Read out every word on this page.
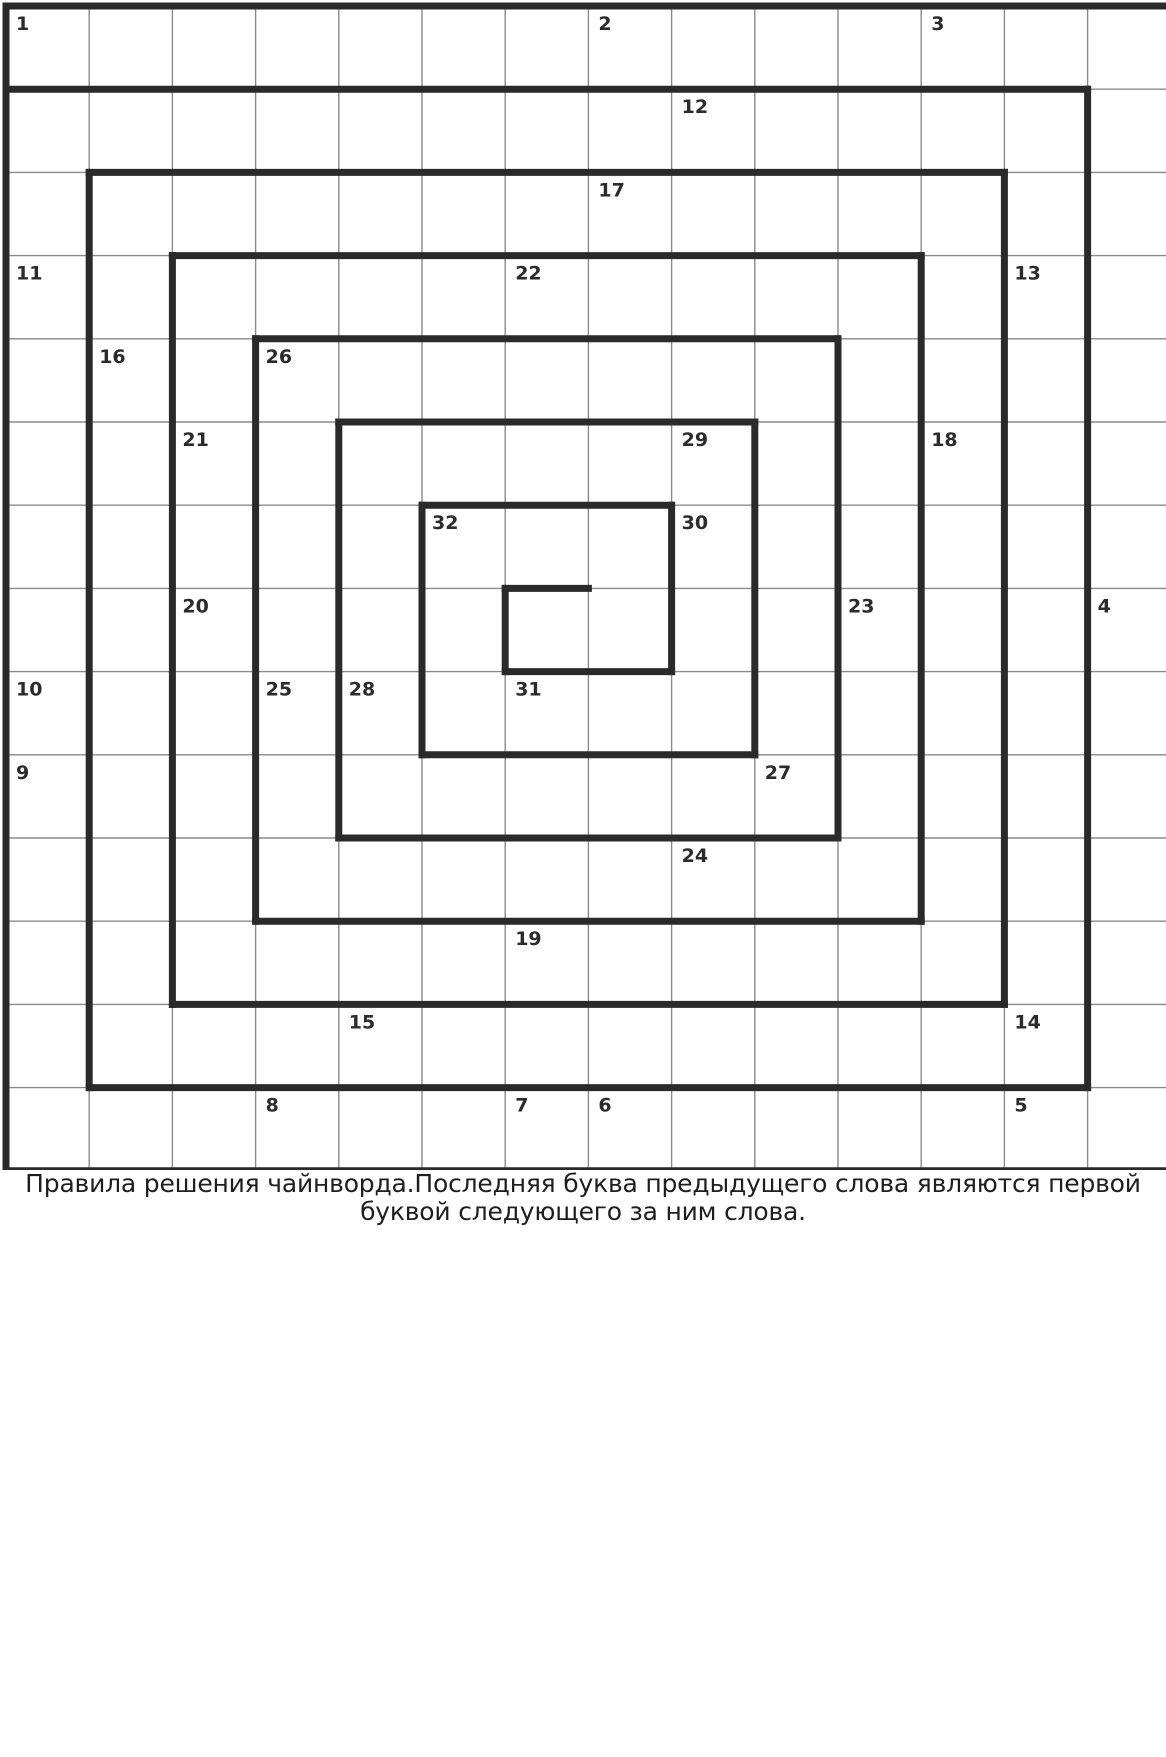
1	2	3
12
17
11	22	13
16	26
21	29	18
32	30
20	23	4
10	25	28	31
9	27
24
19
15	14
8	7	6	5
Правила решения чайнворда.Последняя буква предыдущего слова являются первой
буквой следующего за ним слова.
